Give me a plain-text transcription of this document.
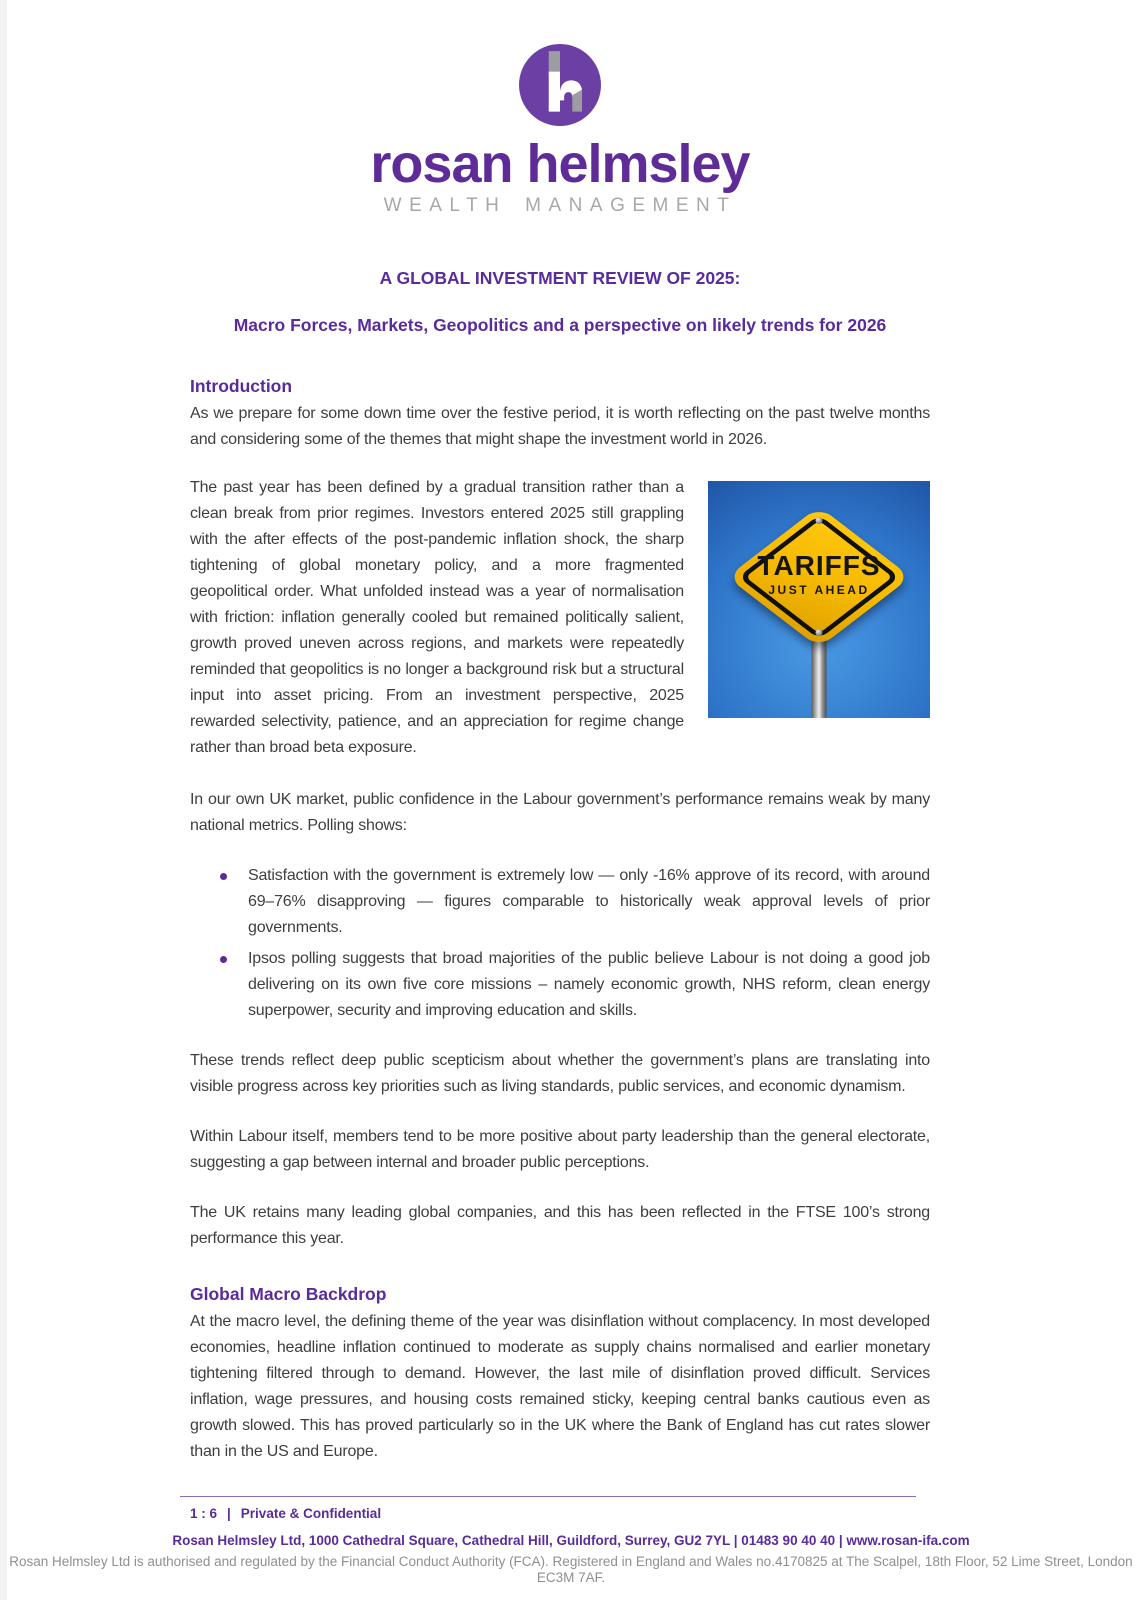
rosan helmsley
WEALTH MANAGEMENT
A GLOBAL INVESTMENT REVIEW OF 2025:
Macro Forces, Markets, Geopolitics and a perspective on likely trends for 2026
Introduction

As we prepare for some down time over the festive period, it is worth reflecting on the past twelve months and considering some of the themes that might shape the investment world in 2026.

TARIFFS
JUST AHEAD
The past year has been defined by a gradual transition rather than a clean break from prior regimes. Investors entered 2025 still grappling with the after effects of the post-pandemic inflation shock, the sharp tightening of global monetary policy, and a more fragmented geopolitical order. What unfolded instead was a year of normalisation with friction: inflation generally cooled but remained politically salient, growth proved uneven across regions, and markets were repeatedly reminded that geopolitics is no longer a background risk but a structural input into asset pricing. From an investment perspective, 2025 rewarded selectivity, patience, and an appreciation for regime change rather than broad beta exposure.

In our own UK market, public confidence in the Labour government’s performance remains weak by many national metrics. Polling shows:

Satisfaction with the government is extremely low — only -16% approve of its record, with around 69–76% disapproving — figures comparable to historically weak approval levels of prior governments.
Ipsos polling suggests that broad majorities of the public believe Labour is not doing a good job delivering on its own five core missions – namely economic growth, NHS reform, clean energy superpower, security and improving education and skills.

These trends reflect deep public scepticism about whether the government’s plans are translating into visible progress across key priorities such as living standards, public services, and economic dynamism.

Within Labour itself, members tend to be more positive about party leadership than the general electorate, suggesting a gap between internal and broader public perceptions.

The UK retains many leading global companies, and this has been reflected in the FTSE 100’s strong performance this year.

Global Macro Backdrop

At the macro level, the defining theme of the year was disinflation without complacency. In most developed economies, headline inflation continued to moderate as supply chains normalised and earlier monetary tightening filtered through to demand. However, the last mile of disinflation proved difficult. Services inflation, wage pressures, and housing costs remained sticky, keeping central banks cautious even as growth slowed. This has proved particularly so in the UK where the Bank of England has cut rates slower than in the US and Europe.

1 : 6 | Private & Confidential
Rosan Helmsley Ltd, 1000 Cathedral Square, Cathedral Hill, Guildford, Surrey, GU2 7YL | 01483 90 40 40 | www.rosan-ifa.com
Rosan Helmsley Ltd is authorised and regulated by the Financial Conduct Authority (FCA). Registered in England and Wales no.4170825 at The Scalpel, 18th Floor, 52 Lime Street, London EC3M 7AF.
